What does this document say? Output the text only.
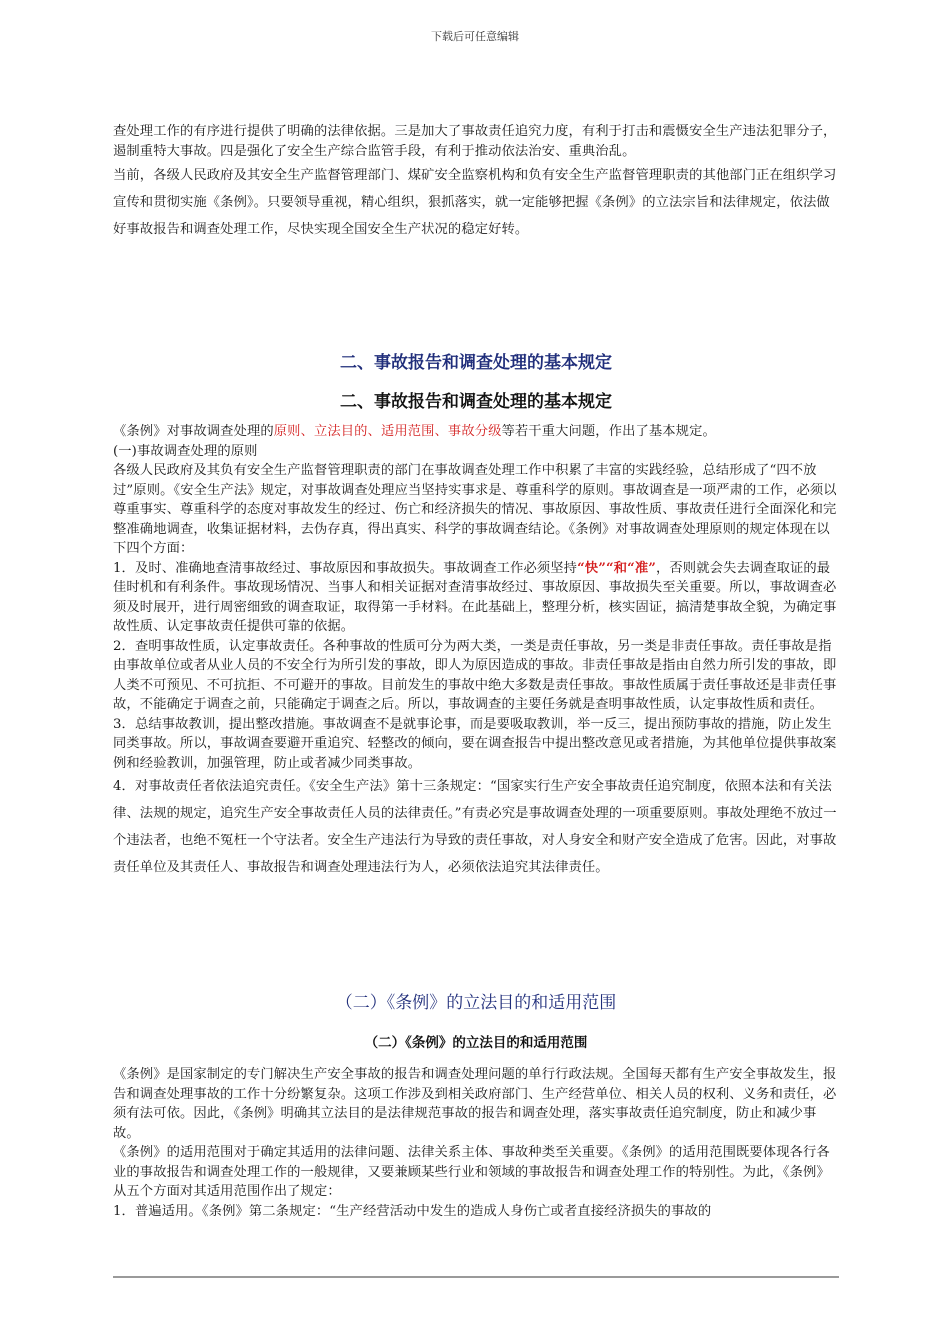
下载后可任意编辑

查处理工作的有序进行提供了明确的法律依据。三是加大了事故责任追究力度，有利于打击和震慑安全生产违法犯罪分子，遏制重特大事故。四是强化了安全生产综合监管手段，有利于推动依法治安、重典治乱。

当前，各级人民政府及其安全生产监督管理部门、煤矿安全监察机构和负有安全生产监督管理职责的其他部门正在组织学习宣传和贯彻实施《条例》。只要领导重视，精心组织，狠抓落实，就一定能够把握《条例》的立法宗旨和法律规定，依法做好事故报告和调查处理工作，尽快实现全国安全生产状况的稳定好转。

二、事故报告和调查处理的基本规定
二、事故报告和调查处理的基本规定

《条例》对事故调查处理的原则、立法目的、适用范围、事故分级等若干重大问题，作出了基本规定。

(一)事故调查处理的原则

各级人民政府及其负有安全生产监督管理职责的部门在事故调查处理工作中积累了丰富的实践经验，总结形成了“四不放过”原则。《安全生产法》规定，对事故调查处理应当坚持实事求是、尊重科学的原则。事故调查是一项严肃的工作，必须以尊重事实、尊重科学的态度对事故发生的经过、伤亡和经济损失的情况、事故原因、事故性质、事故责任进行全面深化和完整准确地调查，收集证据材料，去伪存真，得出真实、科学的事故调查结论。《条例》对事故调查处理原则的规定体现在以下四个方面：

1．及时、准确地查清事故经过、事故原因和事故损失。事故调查工作必须坚持“快”“和“准”，否则就会失去调查取证的最佳时机和有利条件。事故现场情况、当事人和相关证据对查清事故经过、事故原因、事故损失至关重要。所以，事故调查必须及时展开，进行周密细致的调查取证，取得第一手材料。在此基础上，整理分析，核实固证，搞清楚事故全貌，为确定事故性质、认定事故责任提供可靠的依据。

2．查明事故性质，认定事故责任。各种事故的性质可分为两大类，一类是责任事故，另一类是非责任事故。责任事故是指由事故单位或者从业人员的不安全行为所引发的事故，即人为原因造成的事故。非责任事故是指由自然力所引发的事故，即人类不可预见、不可抗拒、不可避开的事故。目前发生的事故中绝大多数是责任事故。事故性质属于责任事故还是非责任事故，不能确定于调查之前，只能确定于调查之后。所以，事故调查的主要任务就是查明事故性质，认定事故性质和责任。

3．总结事故教训，提出整改措施。事故调查不是就事论事，而是要吸取教训，举一反三，提出预防事故的措施，防止发生同类事故。所以，事故调查要避开重追究、轻整改的倾向，要在调查报告中提出整改意见或者措施，为其他单位提供事故案例和经验教训，加强管理，防止或者减少同类事故。

4．对事故责任者依法追究责任。《安全生产法》第十三条规定：“国家实行生产安全事故责任追究制度，依照本法和有关法律、法规的规定，追究生产安全事故责任人员的法律责任。”有责必究是事故调查处理的一项重要原则。事故处理绝不放过一个违法者，也绝不冤枉一个守法者。安全生产违法行为导致的责任事故，对人身安全和财产安全造成了危害。因此，对事故责任单位及其责任人、事故报告和调查处理违法行为人，必须依法追究其法律责任。

（二）《条例》的立法目的和适用范围
（二）《条例》的立法目的和适用范围

《条例》是国家制定的专门解决生产安全事故的报告和调查处理问题的单行行政法规。全国每天都有生产安全事故发生，报告和调查处理事故的工作十分纷繁复杂。这项工作涉及到相关政府部门、生产经营单位、相关人员的权利、义务和责任，必须有法可依。因此，《条例》明确其立法目的是法律规范事故的报告和调查处理，落实事故责任追究制度，防止和减少事故。

《条例》的适用范围对于确定其适用的法律问题、法律关系主体、事故种类至关重要。《条例》的适用范围既要体现各行各业的事故报告和调查处理工作的一般规律，又要兼顾某些行业和领域的事故报告和调查处理工作的特别性。为此，《条例》从五个方面对其适用范围作出了规定：

1．普遍适用。《条例》第二条规定：“生产经营活动中发生的造成人身伤亡或者直接经济损失的事故的
